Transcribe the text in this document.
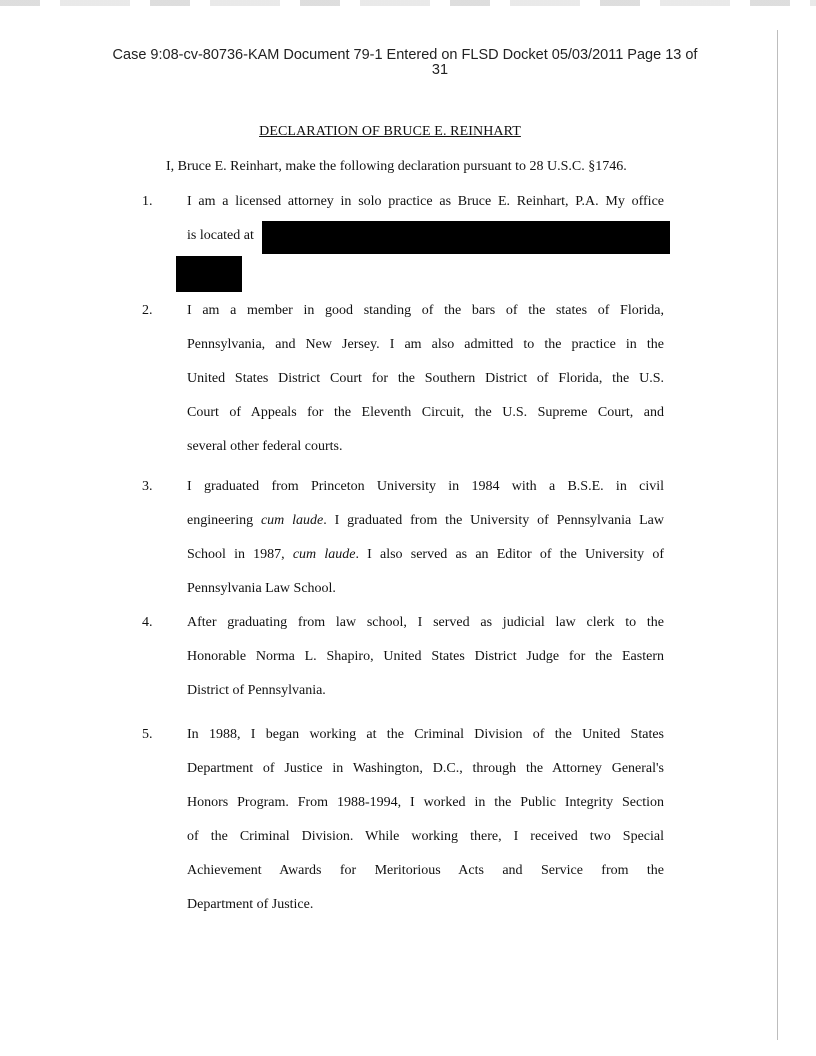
Case 9:08-cv-80736-KAM Document 79-1 Entered on FLSD Docket 05/03/2011 Page 13 of
31
DECLARATION OF BRUCE E. REINHART
I, Bruce E. Reinhart, make the following declaration pursuant to 28 U.S.C. §1746.
1. I am a licensed attorney in solo practice as Bruce E. Reinhart, P.A. My office
is located at
2. I am a member in good standing of the bars of the states of Florida,
Pennsylvania, and New Jersey. I am also admitted to the practice in the
United States District Court for the Southern District of Florida, the U.S.
Court of Appeals for the Eleventh Circuit, the U.S. Supreme Court, and
several other federal courts.
3. I graduated from Princeton University in 1984 with a B.S.E. in civil
engineering cum laude. I graduated from the University of Pennsylvania Law
School in 1987, cum laude. I also served as an Editor of the University of
Pennsylvania Law School.
4. After graduating from law school, I served as judicial law clerk to the
Honorable Norma L. Shapiro, United States District Judge for the Eastern
District of Pennsylvania.
5. In 1988, I began working at the Criminal Division of the United States
Department of Justice in Washington, D.C., through the Attorney General's
Honors Program. From 1988-1994, I worked in the Public Integrity Section
of the Criminal Division. While working there, I received two Special
Achievement Awards for Meritorious Acts and Service from the
Department of Justice.
